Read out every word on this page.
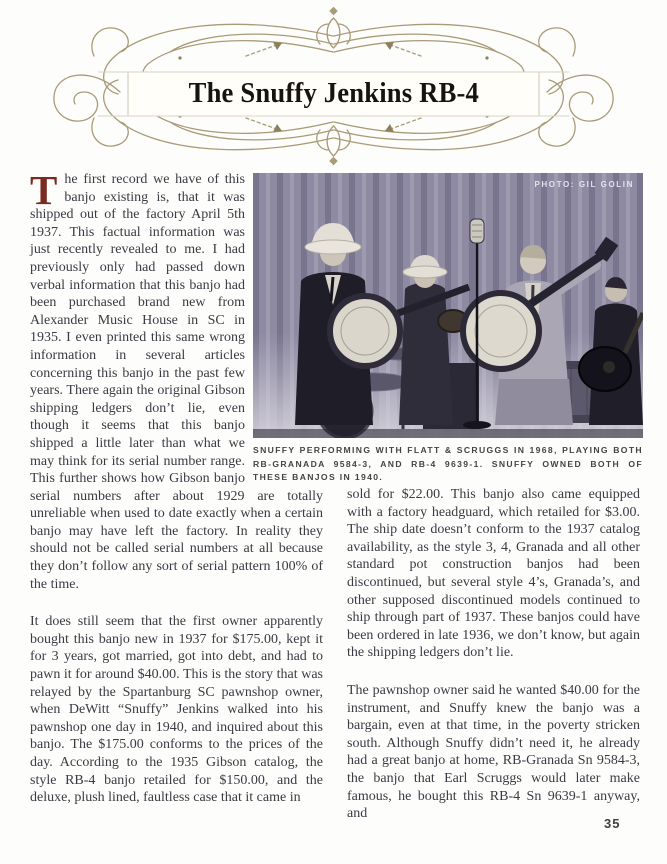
The Snuffy Jenkins RB-4

The first record we have of this banjo existing is, that it was shipped out of the factory April 5th 1937. This factual information was just recently revealed to me. I had previously only had passed down verbal information that this banjo had been purchased brand new from Alexander Music House in SC in 1935. I even printed this same wrong information in several articles concerning this banjo in the past few years. There again the original Gibson shipping ledgers don’t lie, even though it seems that this banjo shipped a little later than what we may think for its serial number range. This further shows how Gibson banjo serial numbers after about 1929 are totally unreliable when used to date exactly when a certain banjo may have left the factory. In reality they should not be called serial numbers at all because they don’t follow any sort of serial pattern 100% of the time.

It does still seem that the first owner apparently bought this banjo new in 1937 for $175.00, kept it for 3 years, got married, got into debt, and had to pawn it for around $40.00. This is the story that was relayed by the Spartanburg SC pawnshop owner, when DeWitt “Snuffy” Jenkins walked into his pawnshop one day in 1940, and inquired about this banjo. The $175.00 conforms to the prices of the day. According to the 1935 Gibson catalog, the style RB-4 banjo retailed for $150.00, and the deluxe, plush lined, faultless case that it came in

PHOTO: GIL GOLIN
SNUFFY PERFORMING WITH FLATT & SCRUGGS IN 1968, PLAYING BOTH RB-GRANADA 9584-3, AND RB-4 9639-1. SNUFFY OWNED BOTH OF THESE BANJOS IN 1940.

sold for $22.00. This banjo also came equipped with a factory headguard, which retailed for $3.00. The ship date doesn’t conform to the 1937 catalog availability, as the style 3, 4, Granada and all other standard pot construction banjos had been discontinued, but several style 4’s, Granada’s, and other supposed discontinued models continued to ship through part of 1937. These banjos could have been ordered in late 1936, we don’t know, but again the shipping ledgers don’t lie.

The pawnshop owner said he wanted $40.00 for the instrument, and Snuffy knew the banjo was a bargain, even at that time, in the poverty stricken south. Although Snuffy didn’t need it, he already had a great banjo at home, RB-Granada Sn 9584-3, the banjo that Earl Scruggs would later make famous, he bought this RB-4 Sn 9639-1 anyway, and

35
